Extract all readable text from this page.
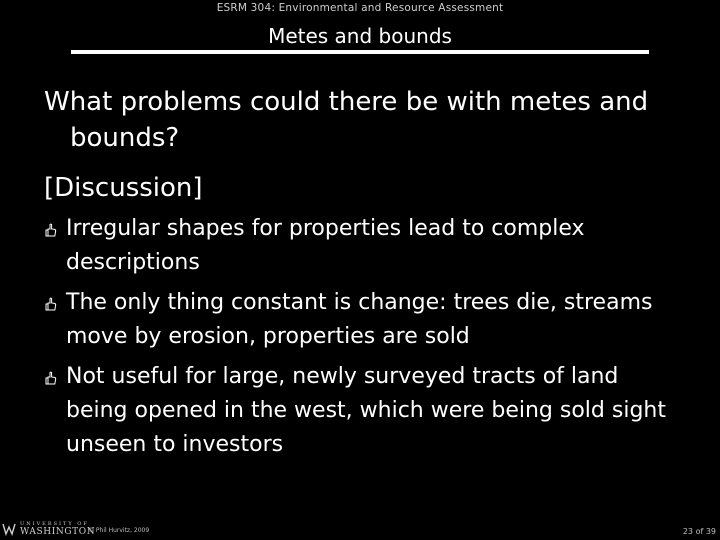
ESRM 304: Environmental and Resource Assessment
Metes and bounds

What problems could there be with metes and bounds?

[Discussion]

Irregular shapes for properties lead to complex descriptions
The only thing constant is change: trees die, streams move by erosion, properties are sold
Not useful for large, newly surveyed tracts of land being opened in the west, which were being sold sight unseen to investors
UNIVERSITY OF
WASHINGTON
© Phil Hurvitz, 2009	23 of 39
